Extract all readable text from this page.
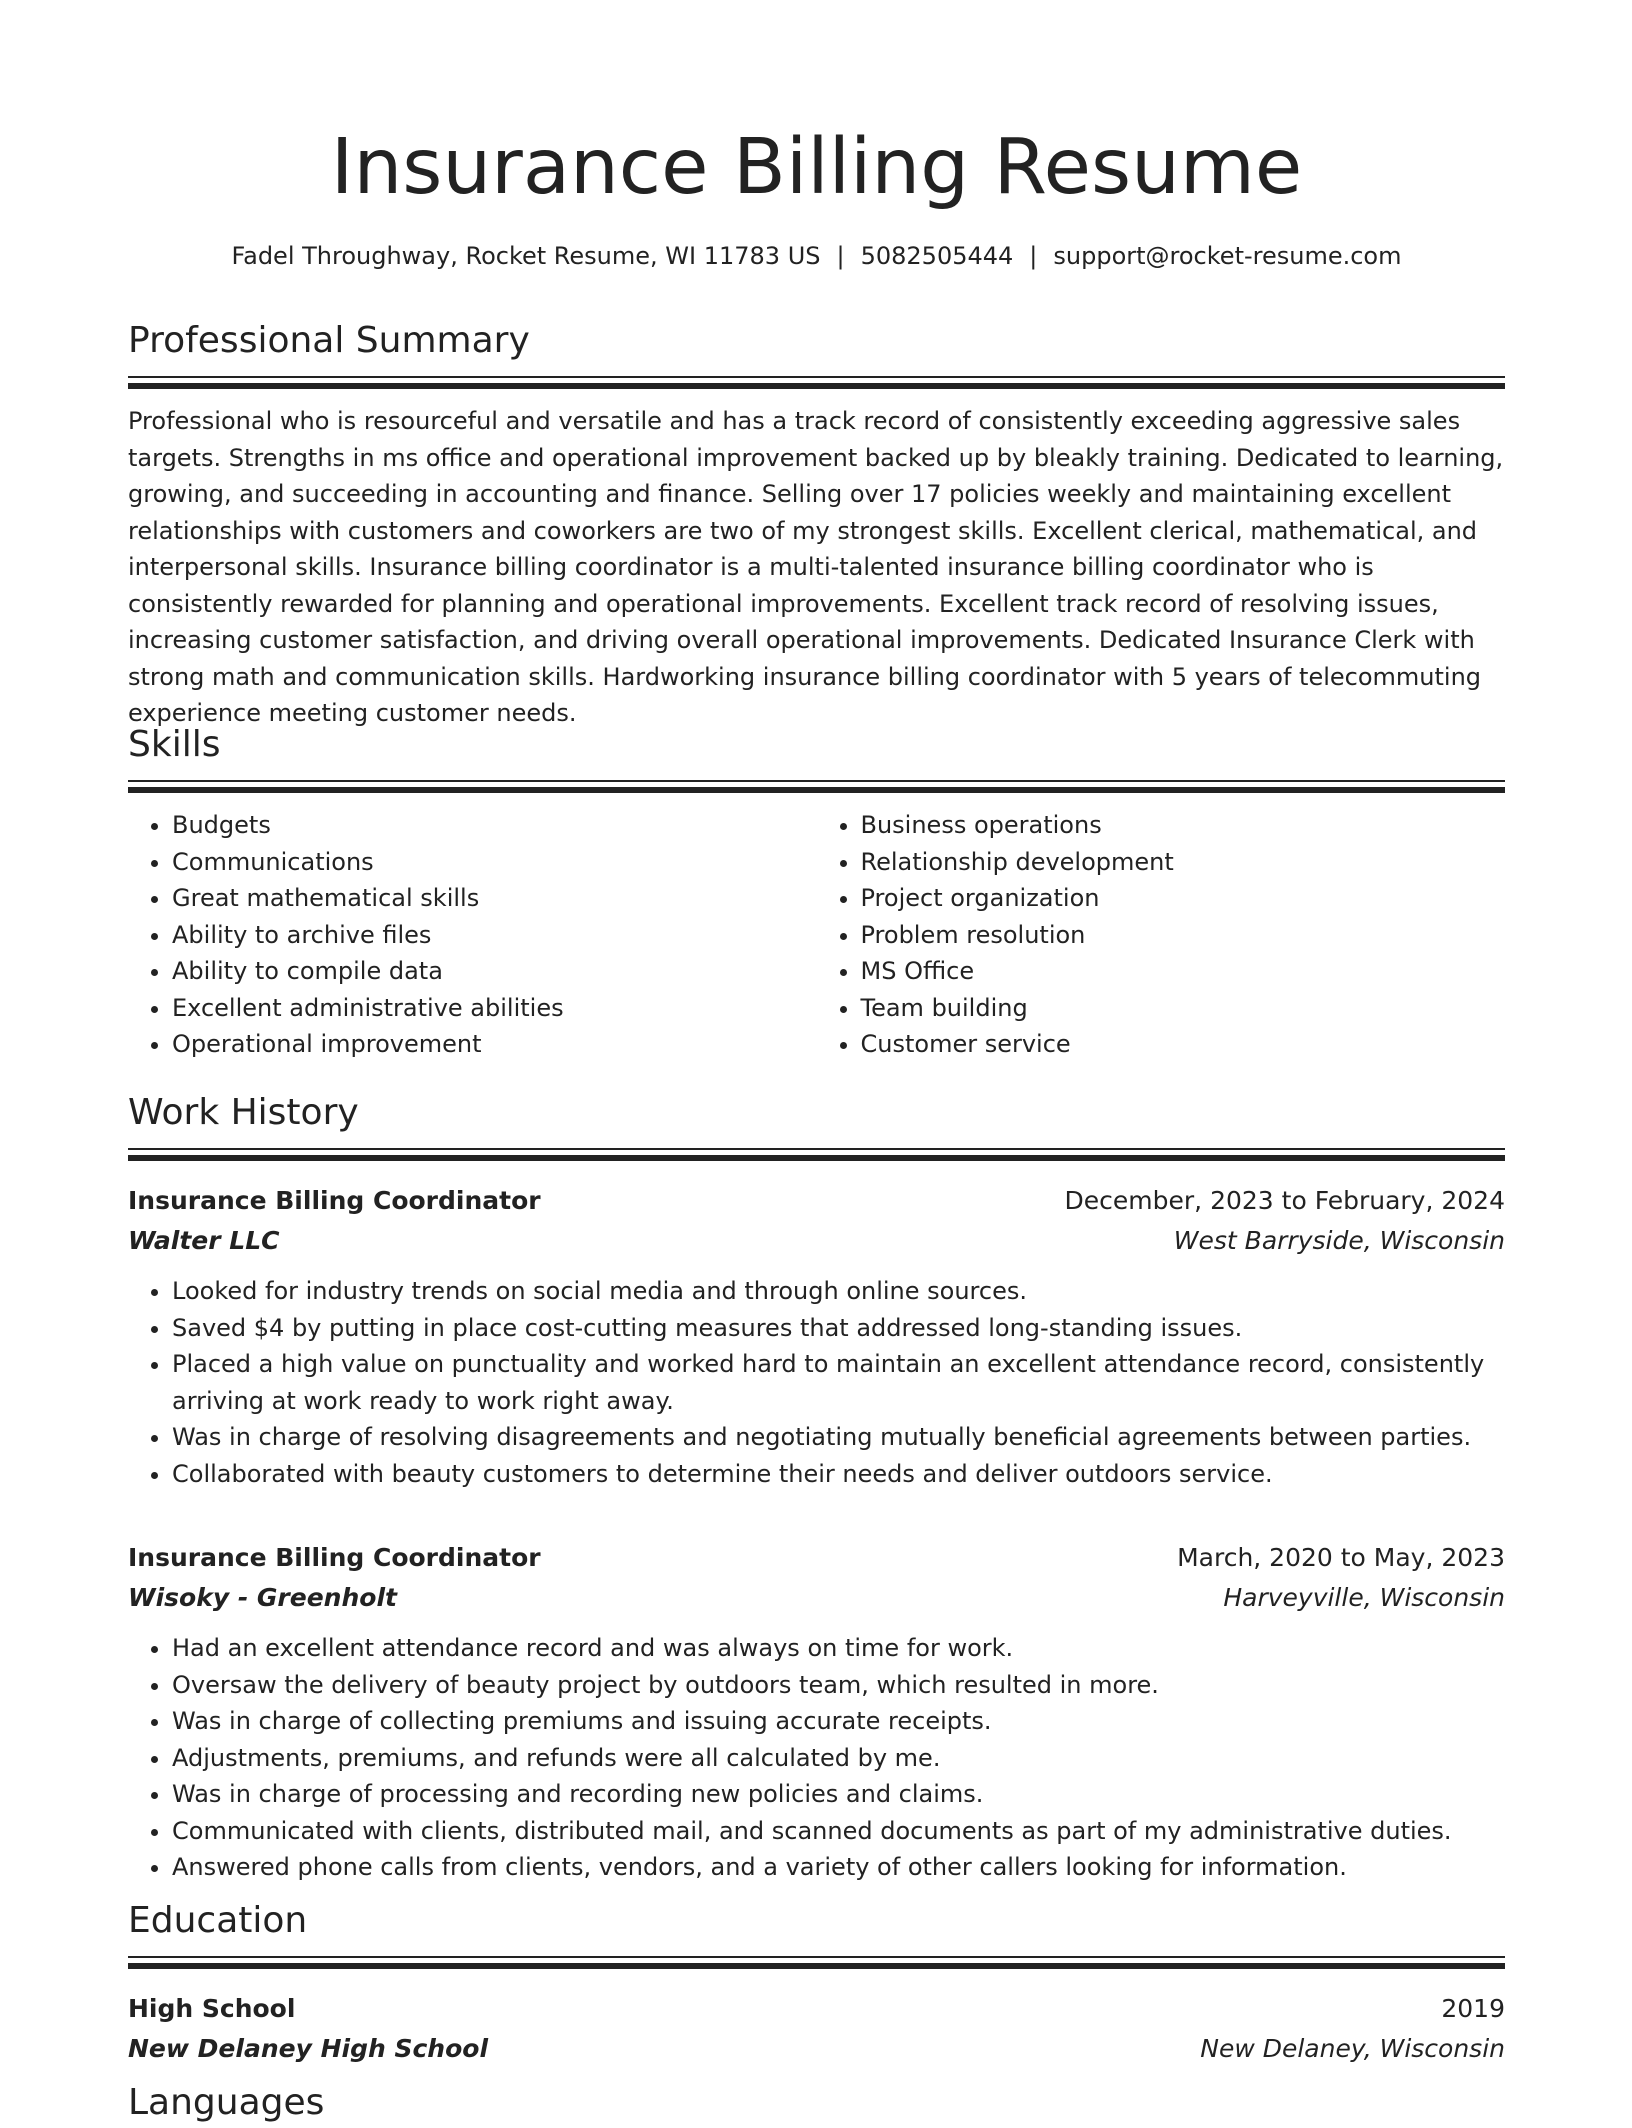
Insurance Billing Resume
Fadel Throughway, Rocket Resume, WI 11783 US | 5082505444 | support@rocket-resume.com
Professional Summary
Professional who is resourceful and versatile and has a track record of consistently exceeding aggressive sales targets. Strengths in ms office and operational improvement backed up by bleakly training. Dedicated to learning, growing, and succeeding in accounting and finance. Selling over 17 policies weekly and maintaining excellent relationships with customers and coworkers are two of my strongest skills. Excellent clerical, mathematical, and interpersonal skills. Insurance billing coordinator is a multi-talented insurance billing coordinator who is consistently rewarded for planning and operational improvements. Excellent track record of resolving issues, increasing customer satisfaction, and driving overall operational improvements. Dedicated Insurance Clerk with strong math and communication skills. Hardworking insurance billing coordinator with 5 years of telecommuting experience meeting customer needs.
Skills
• Budgets
• Communications
• Great mathematical skills
• Ability to archive files
• Ability to compile data
• Excellent administrative abilities
• Operational improvement
• Business operations
• Relationship development
• Project organization
• Problem resolution
• MS Office
• Team building
• Customer service
Work History
Insurance Billing Coordinator	December, 2023 to February, 2024
Walter LLC	West Barryside, Wisconsin
• Looked for industry trends on social media and through online sources.
• Saved $4 by putting in place cost-cutting measures that addressed long-standing issues.
• Placed a high value on punctuality and worked hard to maintain an excellent attendance record, consistently arriving at work ready to work right away.
• Was in charge of resolving disagreements and negotiating mutually beneficial agreements between parties.
• Collaborated with beauty customers to determine their needs and deliver outdoors service.
Insurance Billing Coordinator	March, 2020 to May, 2023
Wisoky - Greenholt	Harveyville, Wisconsin
• Had an excellent attendance record and was always on time for work.
• Oversaw the delivery of beauty project by outdoors team, which resulted in more.
• Was in charge of collecting premiums and issuing accurate receipts.
• Adjustments, premiums, and refunds were all calculated by me.
• Was in charge of processing and recording new policies and claims.
• Communicated with clients, distributed mail, and scanned documents as part of my administrative duties.
• Answered phone calls from clients, vendors, and a variety of other callers looking for information.
Education
High School	2019
New Delaney High School	New Delaney, Wisconsin
Languages
